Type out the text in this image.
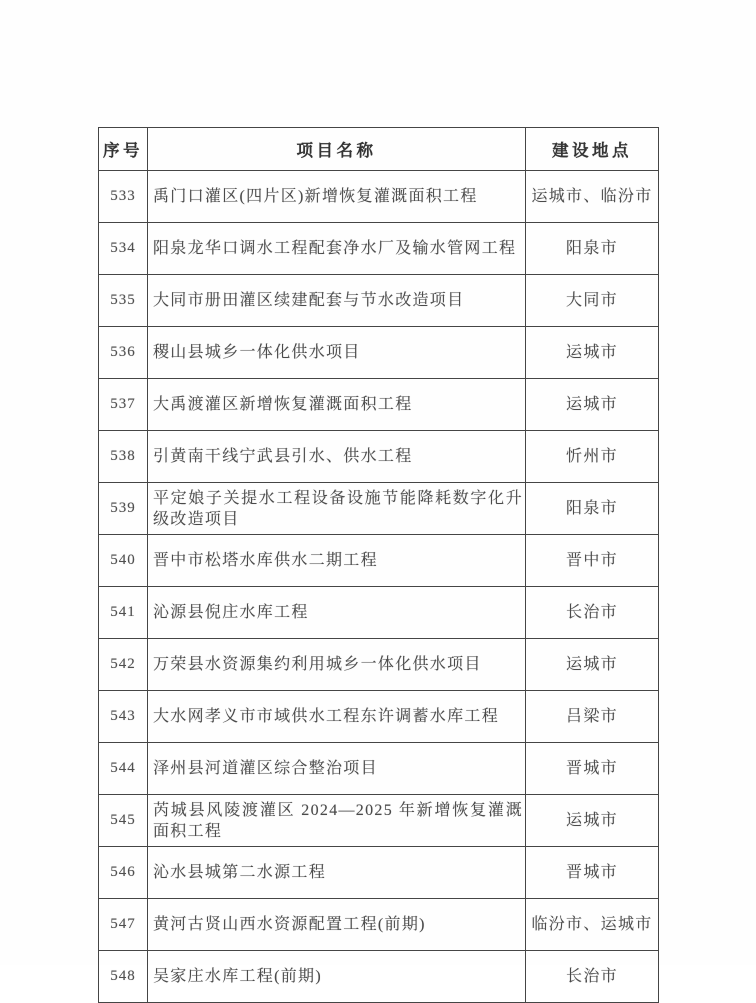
序号	项目名称	建设地点
533	禹门口灌区(四片区)新增恢复灌溉面积工程	运城市、临汾市
534	阳泉龙华口调水工程配套净水厂及输水管网工程	阳泉市
535	大同市册田灌区续建配套与节水改造项目	大同市
536	稷山县城乡一体化供水项目	运城市
537	大禹渡灌区新增恢复灌溉面积工程	运城市
538	引黄南干线宁武县引水、供水工程	忻州市
539	平定娘子关提水工程设备设施节能降耗数字化升级改造项目	阳泉市
540	晋中市松塔水库供水二期工程	晋中市
541	沁源县倪庄水库工程	长治市
542	万荣县水资源集约利用城乡一体化供水项目	运城市
543	大水网孝义市市域供水工程东许调蓄水库工程	吕梁市
544	泽州县河道灌区综合整治项目	晋城市
545	芮城县风陵渡灌区 2024—2025 年新增恢复灌溉面积工程	运城市
546	沁水县城第二水源工程	晋城市
547	黄河古贤山西水资源配置工程(前期)	临汾市、运城市
548	吴家庄水库工程(前期)	长治市
